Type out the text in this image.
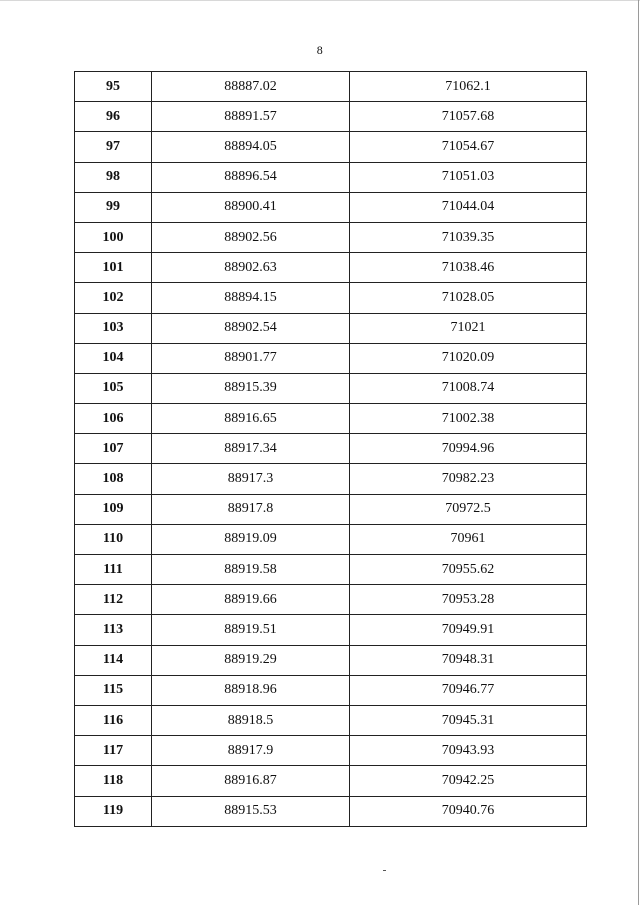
8
95	88887.02	71062.1
96	88891.57	71057.68
97	88894.05	71054.67
98	88896.54	71051.03
99	88900.41	71044.04
100	88902.56	71039.35
101	88902.63	71038.46
102	88894.15	71028.05
103	88902.54	71021
104	88901.77	71020.09
105	88915.39	71008.74
106	88916.65	71002.38
107	88917.34	70994.96
108	88917.3	70982.23
109	88917.8	70972.5
110	88919.09	70961
111	88919.58	70955.62
112	88919.66	70953.28
113	88919.51	70949.91
114	88919.29	70948.31
115	88918.96	70946.77
116	88918.5	70945.31
117	88917.9	70943.93
118	88916.87	70942.25
119	88915.53	70940.76
